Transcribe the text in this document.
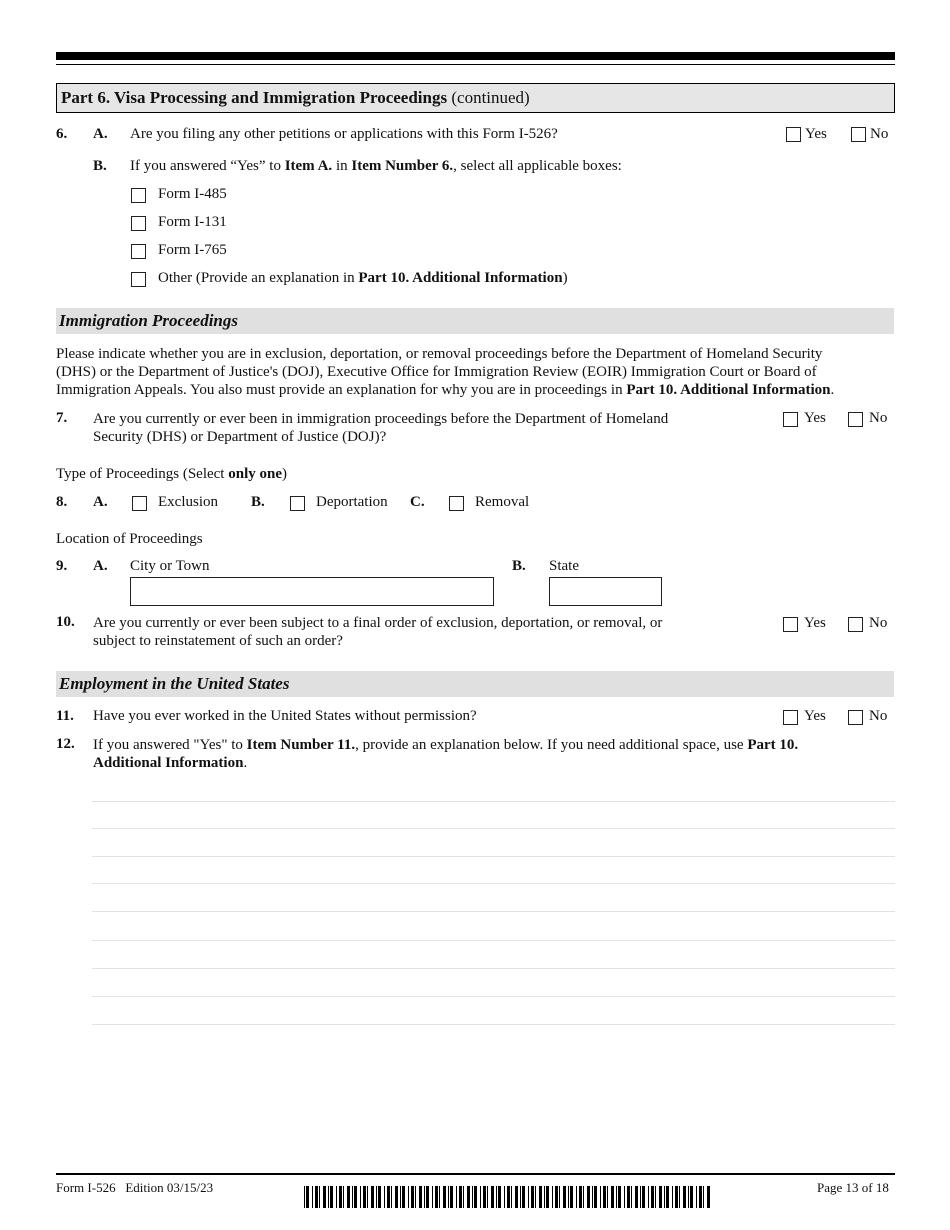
Part 6. Visa Processing and Immigration Proceedings (continued)
6. A. Are you filing any other petitions or applications with this Form I-526?	Yes	No
B. If you answered “Yes” to Item A. in Item Number 6., select all applicable boxes:
Form I-485
Form I-131
Form I-765
Other (Provide an explanation in Part 10. Additional Information)
Immigration Proceedings
Please indicate whether you are in exclusion, deportation, or removal proceedings before the Department of Homeland Security
(DHS) or the Department of Justice's (DOJ), Executive Office for Immigration Review (EOIR) Immigration Court or Board of
Immigration Appeals. You also must provide an explanation for why you are in proceedings in Part 10. Additional Information.
7. Are you currently or ever been in immigration proceedings before the Department of Homeland
Security (DHS) or Department of Justice (DOJ)?
Yes	No
Type of Proceedings (Select only one)
8. A.	Exclusion B.	Deportation C.	Removal
Location of Proceedings
9. A. City or Town	B. State
10. Are you currently or ever been subject to a final order of exclusion, deportation, or removal, or
subject to reinstatement of such an order?
Yes	No
Employment in the United States
11. Have you ever worked in the United States without permission?	Yes	No
12. If you answered "Yes" to Item Number 11., provide an explanation below. If you need additional space, use Part 10.
Additional Information.
Form I-526 Edition 03/15/23	Page 13 of 18
